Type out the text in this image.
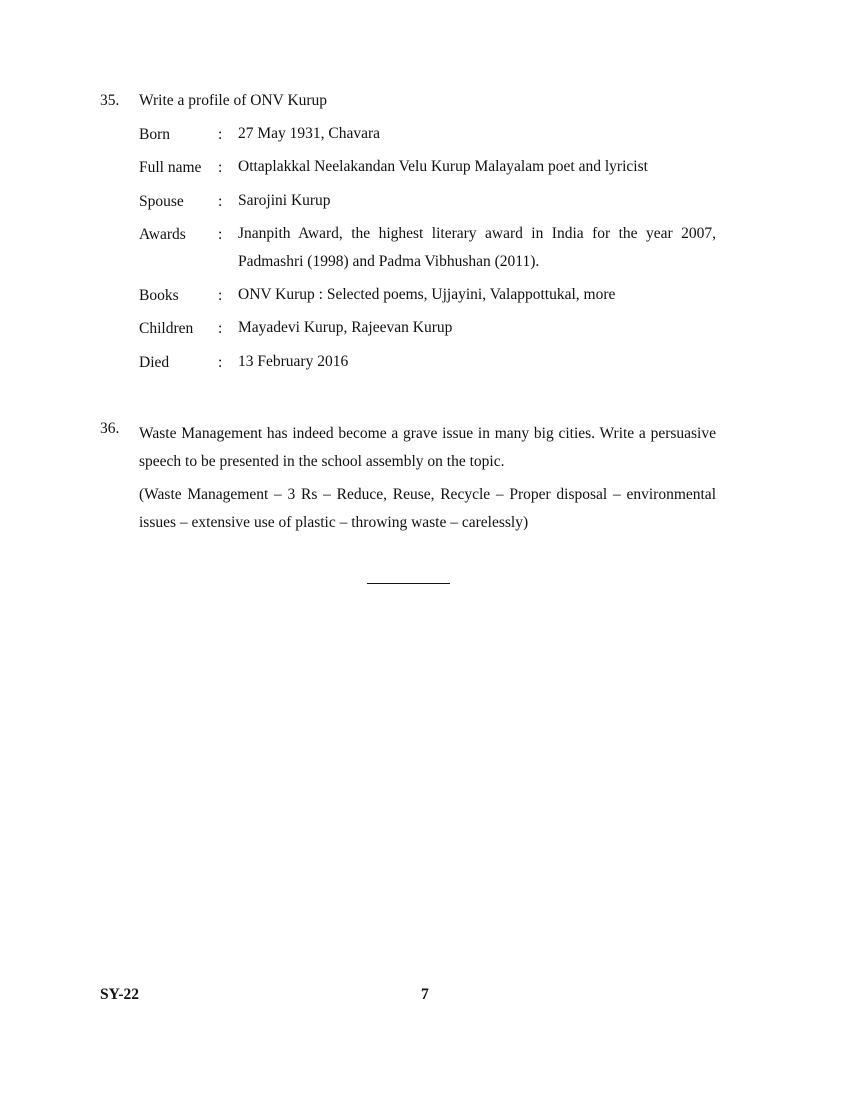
35. Write a profile of ONV Kurup
Born	: 27 May 1931, Chavara
Full name : Ottaplakkal Neelakandan Velu Kurup Malayalam poet and lyricist
Spouse : Sarojini Kurup
Awards : Jnanpith Award, the highest literary award in India for the year 2007, Padmashri (1998) and Padma Vibhushan (2011).
Books	: ONV Kurup : Selected poems, Ujjayini, Valappottukal, more
Children : Mayadevi Kurup, Rajeevan Kurup
Died	: 13 February 2016
36. Waste Management has indeed become a grave issue in many big cities. Write a persuasive speech to be presented in the school assembly on the topic.
(Waste Management – 3 Rs – Reduce, Reuse, Recycle – Proper disposal – environmental issues – extensive use of plastic – throwing waste – carelessly)
SY-22	7
